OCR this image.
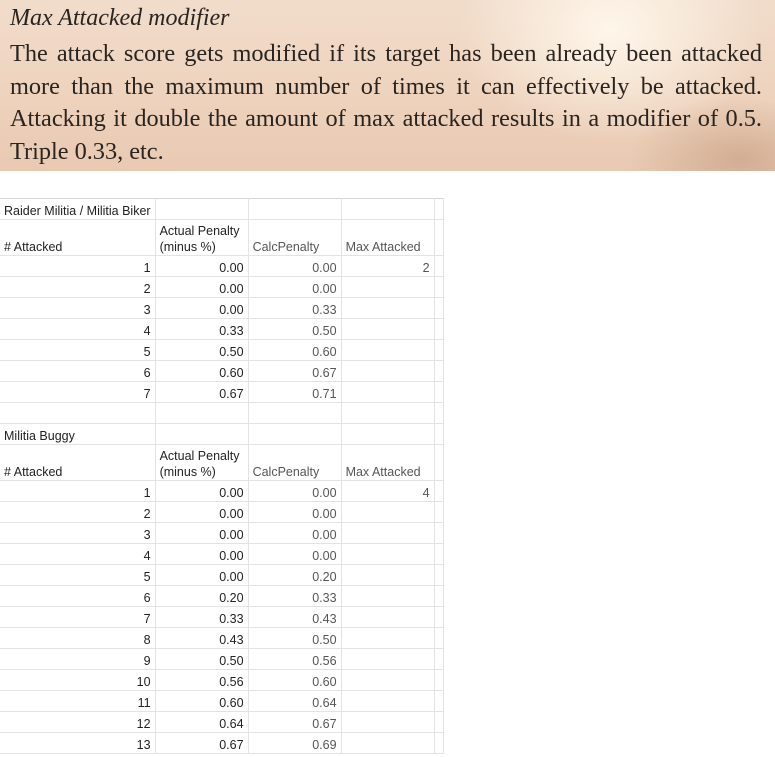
Max Attacked modifier

The attack score gets modified if its target has been already been attacked more than the maximum number of times it can effectively be attacked. Attacking it double the amount of max attacked results in a modifier of 0.5. Triple 0.33, etc.

Raider Militia / Militia Biker				
# Attacked	Actual Penalty (minus %)	CalcPenalty	Max Attacked	
1	0.00	0.00	2	
2	0.00	0.00		
3	0.00	0.33		
4	0.33	0.50		
5	0.50	0.60		
6	0.60	0.67		
7	0.67	0.71		

Militia Buggy				
# Attacked	Actual Penalty (minus %)	CalcPenalty	Max Attacked	
1	0.00	0.00	4	
2	0.00	0.00		
3	0.00	0.00		
4	0.00	0.00		
5	0.00	0.20		
6	0.20	0.33		
7	0.33	0.43		
8	0.43	0.50		
9	0.50	0.56		
10	0.56	0.60		
11	0.60	0.64		
12	0.64	0.67		
13	0.67	0.69		
